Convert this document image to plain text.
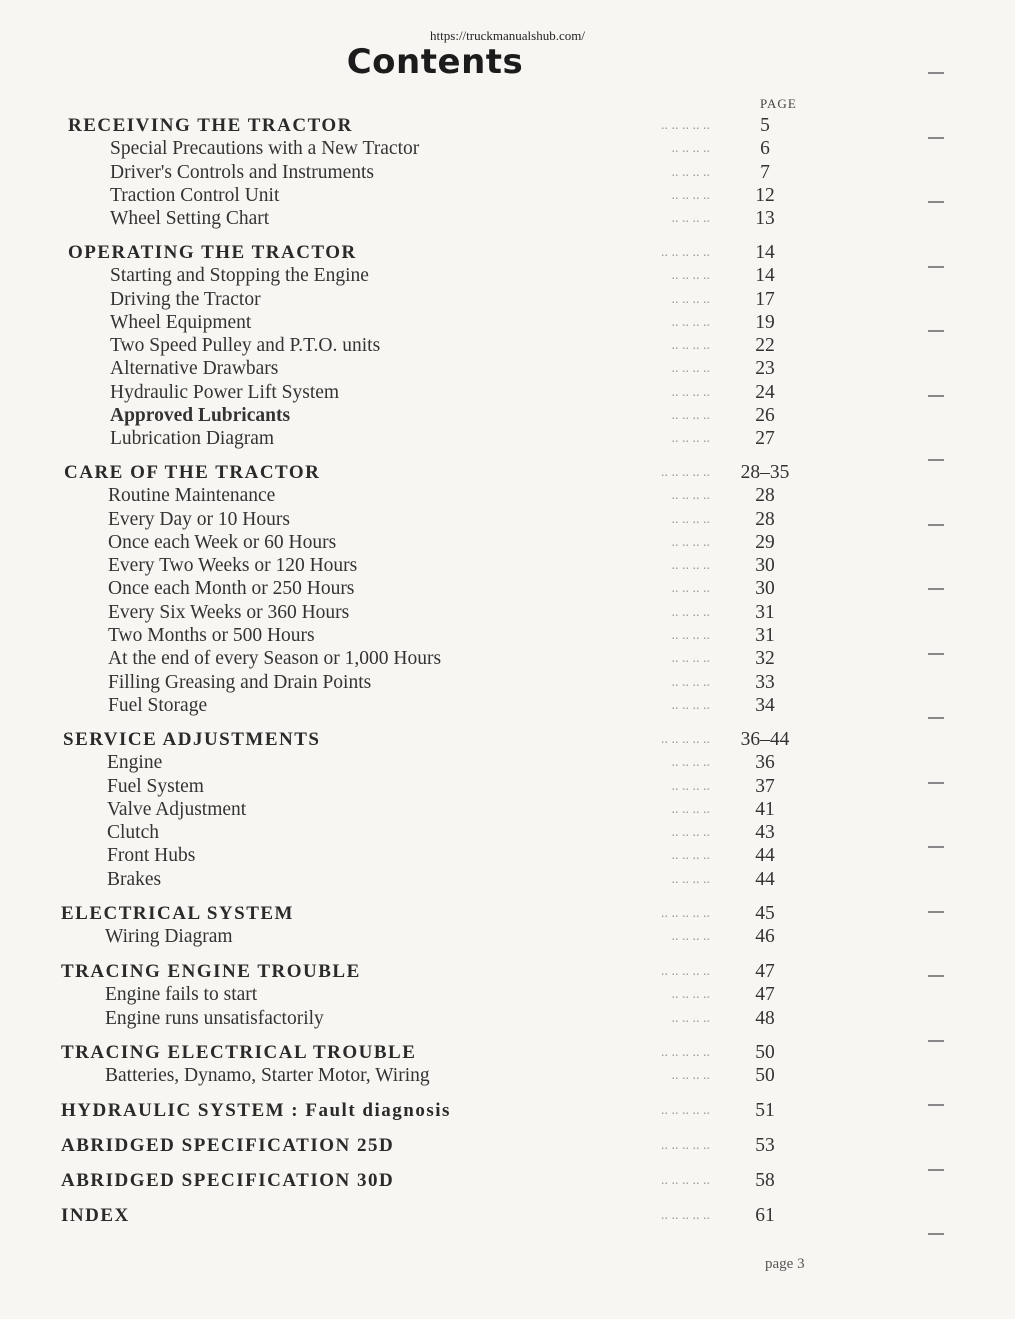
https://truckmanualshub.com/
Contents
PAGE
RECEIVING THE TRACTOR	.. .. .. .. ..	5
Special Precautions with a New Tractor	.. .. .. ..	6
Driver's Controls and Instruments	.. .. .. ..	7
Traction Control Unit	.. .. .. ..	12
Wheel Setting Chart	.. .. .. ..	13
OPERATING THE TRACTOR	.. .. .. .. ..	14
Starting and Stopping the Engine	.. .. .. ..	14
Driving the Tractor	.. .. .. ..	17
Wheel Equipment	.. .. .. ..	19
Two Speed Pulley and P.T.O. units	.. .. .. ..	22
Alternative Drawbars	.. .. .. ..	23
Hydraulic Power Lift System	.. .. .. ..	24
Approved Lubricants	.. .. .. ..	26
Lubrication Diagram	.. .. .. ..	27
CARE OF THE TRACTOR	.. .. .. .. .. 28–35
Routine Maintenance	.. .. .. ..	28
Every Day or 10 Hours	.. .. .. ..	28
Once each Week or 60 Hours	.. .. .. ..	29
Every Two Weeks or 120 Hours	.. .. .. ..	30
Once each Month or 250 Hours	.. .. .. ..	30
Every Six Weeks or 360 Hours	.. .. .. ..	31
Two Months or 500 Hours	.. .. .. ..	31
At the end of every Season or 1,000 Hours	.. .. .. ..	32
Filling Greasing and Drain Points	.. .. .. ..	33
Fuel Storage	.. .. .. ..	34
SERVICE ADJUSTMENTS	.. .. .. .. .. 36–44
Engine	.. .. .. ..	36
Fuel System	.. .. .. ..	37
Valve Adjustment	.. .. .. ..	41
Clutch	.. .. .. ..	43
Front Hubs	.. .. .. ..	44
Brakes	.. .. .. ..	44
ELECTRICAL SYSTEM	.. .. .. .. ..	45
Wiring Diagram	.. .. .. ..	46
TRACING ENGINE TROUBLE	.. .. .. .. ..	47
Engine fails to start	.. .. .. ..	47
Engine runs unsatisfactorily	.. .. .. ..	48
TRACING ELECTRICAL TROUBLE	.. .. .. .. ..	50
Batteries, Dynamo, Starter Motor, Wiring	.. .. .. ..	50
HYDRAULIC SYSTEM : Fault diagnosis	.. .. .. .. ..	51
ABRIDGED SPECIFICATION 25D	.. .. .. .. ..	53
ABRIDGED SPECIFICATION 30D	.. .. .. .. ..	58
INDEX	.. .. .. .. ..	61
page 3
